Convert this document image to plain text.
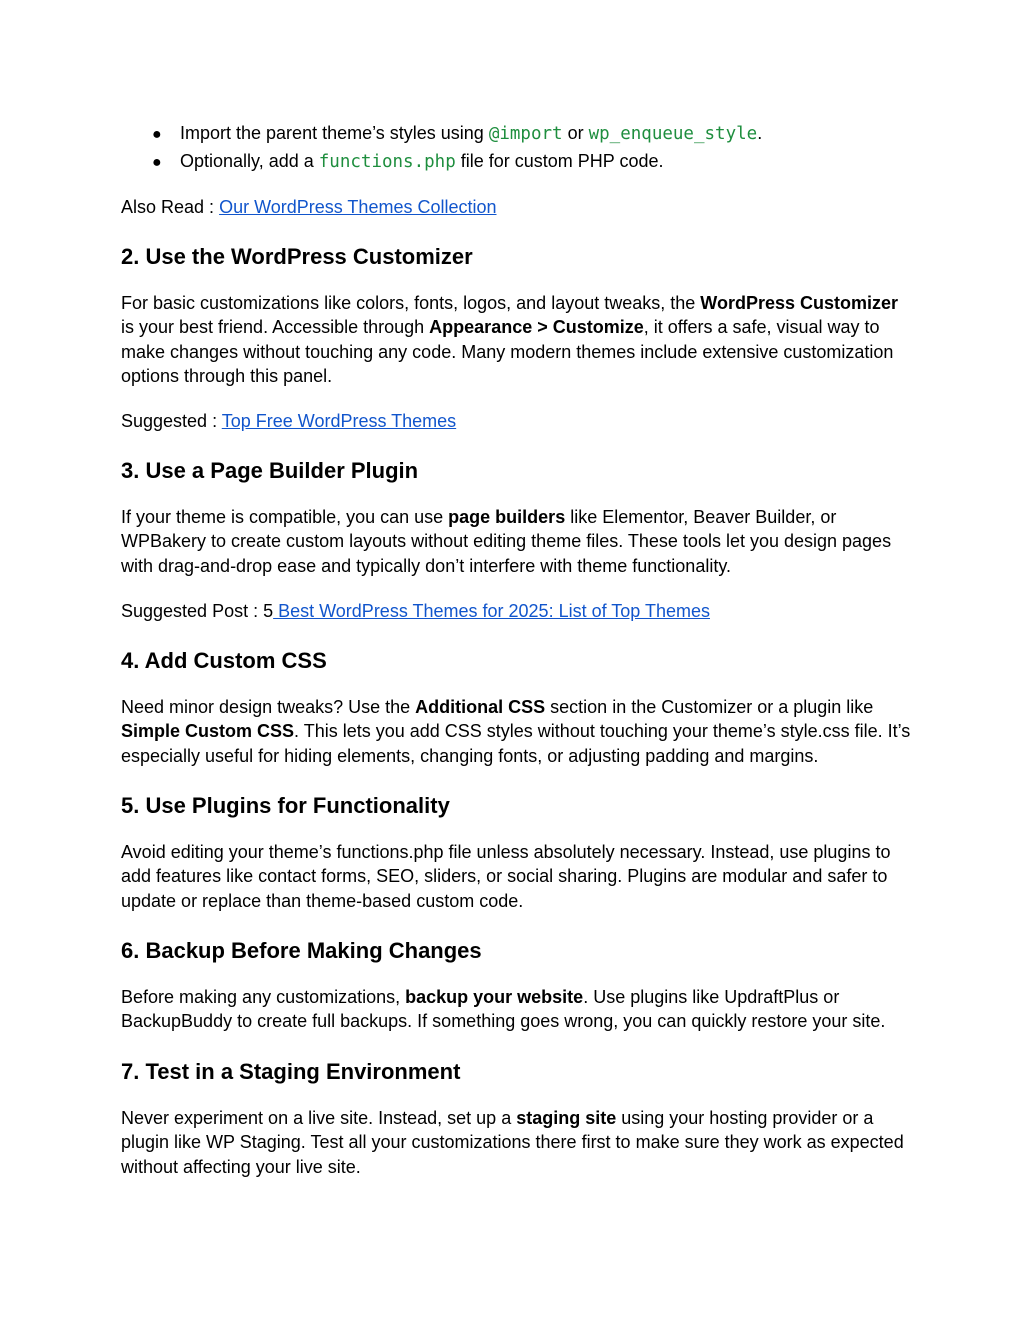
● Import the parent theme’s styles using @import or wp_enqueue_style.
● Optionally, add a functions.php file for custom PHP code.

Also Read : Our WordPress Themes Collection

2. Use the WordPress Customizer

For basic customizations like colors, fonts, logos, and layout tweaks, the WordPress Customizer is your best friend. Accessible through Appearance > Customize, it offers a safe, visual way to make changes without touching any code. Many modern themes include extensive customization options through this panel.

Suggested : Top Free WordPress Themes

3. Use a Page Builder Plugin

If your theme is compatible, you can use page builders like Elementor, Beaver Builder, or WPBakery to create custom layouts without editing theme files. These tools let you design pages with drag-and-drop ease and typically don’t interfere with theme functionality.

Suggested Post : 5 Best WordPress Themes for 2025: List of Top Themes

4. Add Custom CSS

Need minor design tweaks? Use the Additional CSS section in the Customizer or a plugin like Simple Custom CSS. This lets you add CSS styles without touching your theme’s style.css file. It’s especially useful for hiding elements, changing fonts, or adjusting padding and margins.

5. Use Plugins for Functionality

Avoid editing your theme’s functions.php file unless absolutely necessary. Instead, use plugins to add features like contact forms, SEO, sliders, or social sharing. Plugins are modular and safer to update or replace than theme-based custom code.

6. Backup Before Making Changes

Before making any customizations, backup your website. Use plugins like UpdraftPlus or BackupBuddy to create full backups. If something goes wrong, you can quickly restore your site.

7. Test in a Staging Environment

Never experiment on a live site. Instead, set up a staging site using your hosting provider or a plugin like WP Staging. Test all your customizations there first to make sure they work as expected without affecting your live site.
